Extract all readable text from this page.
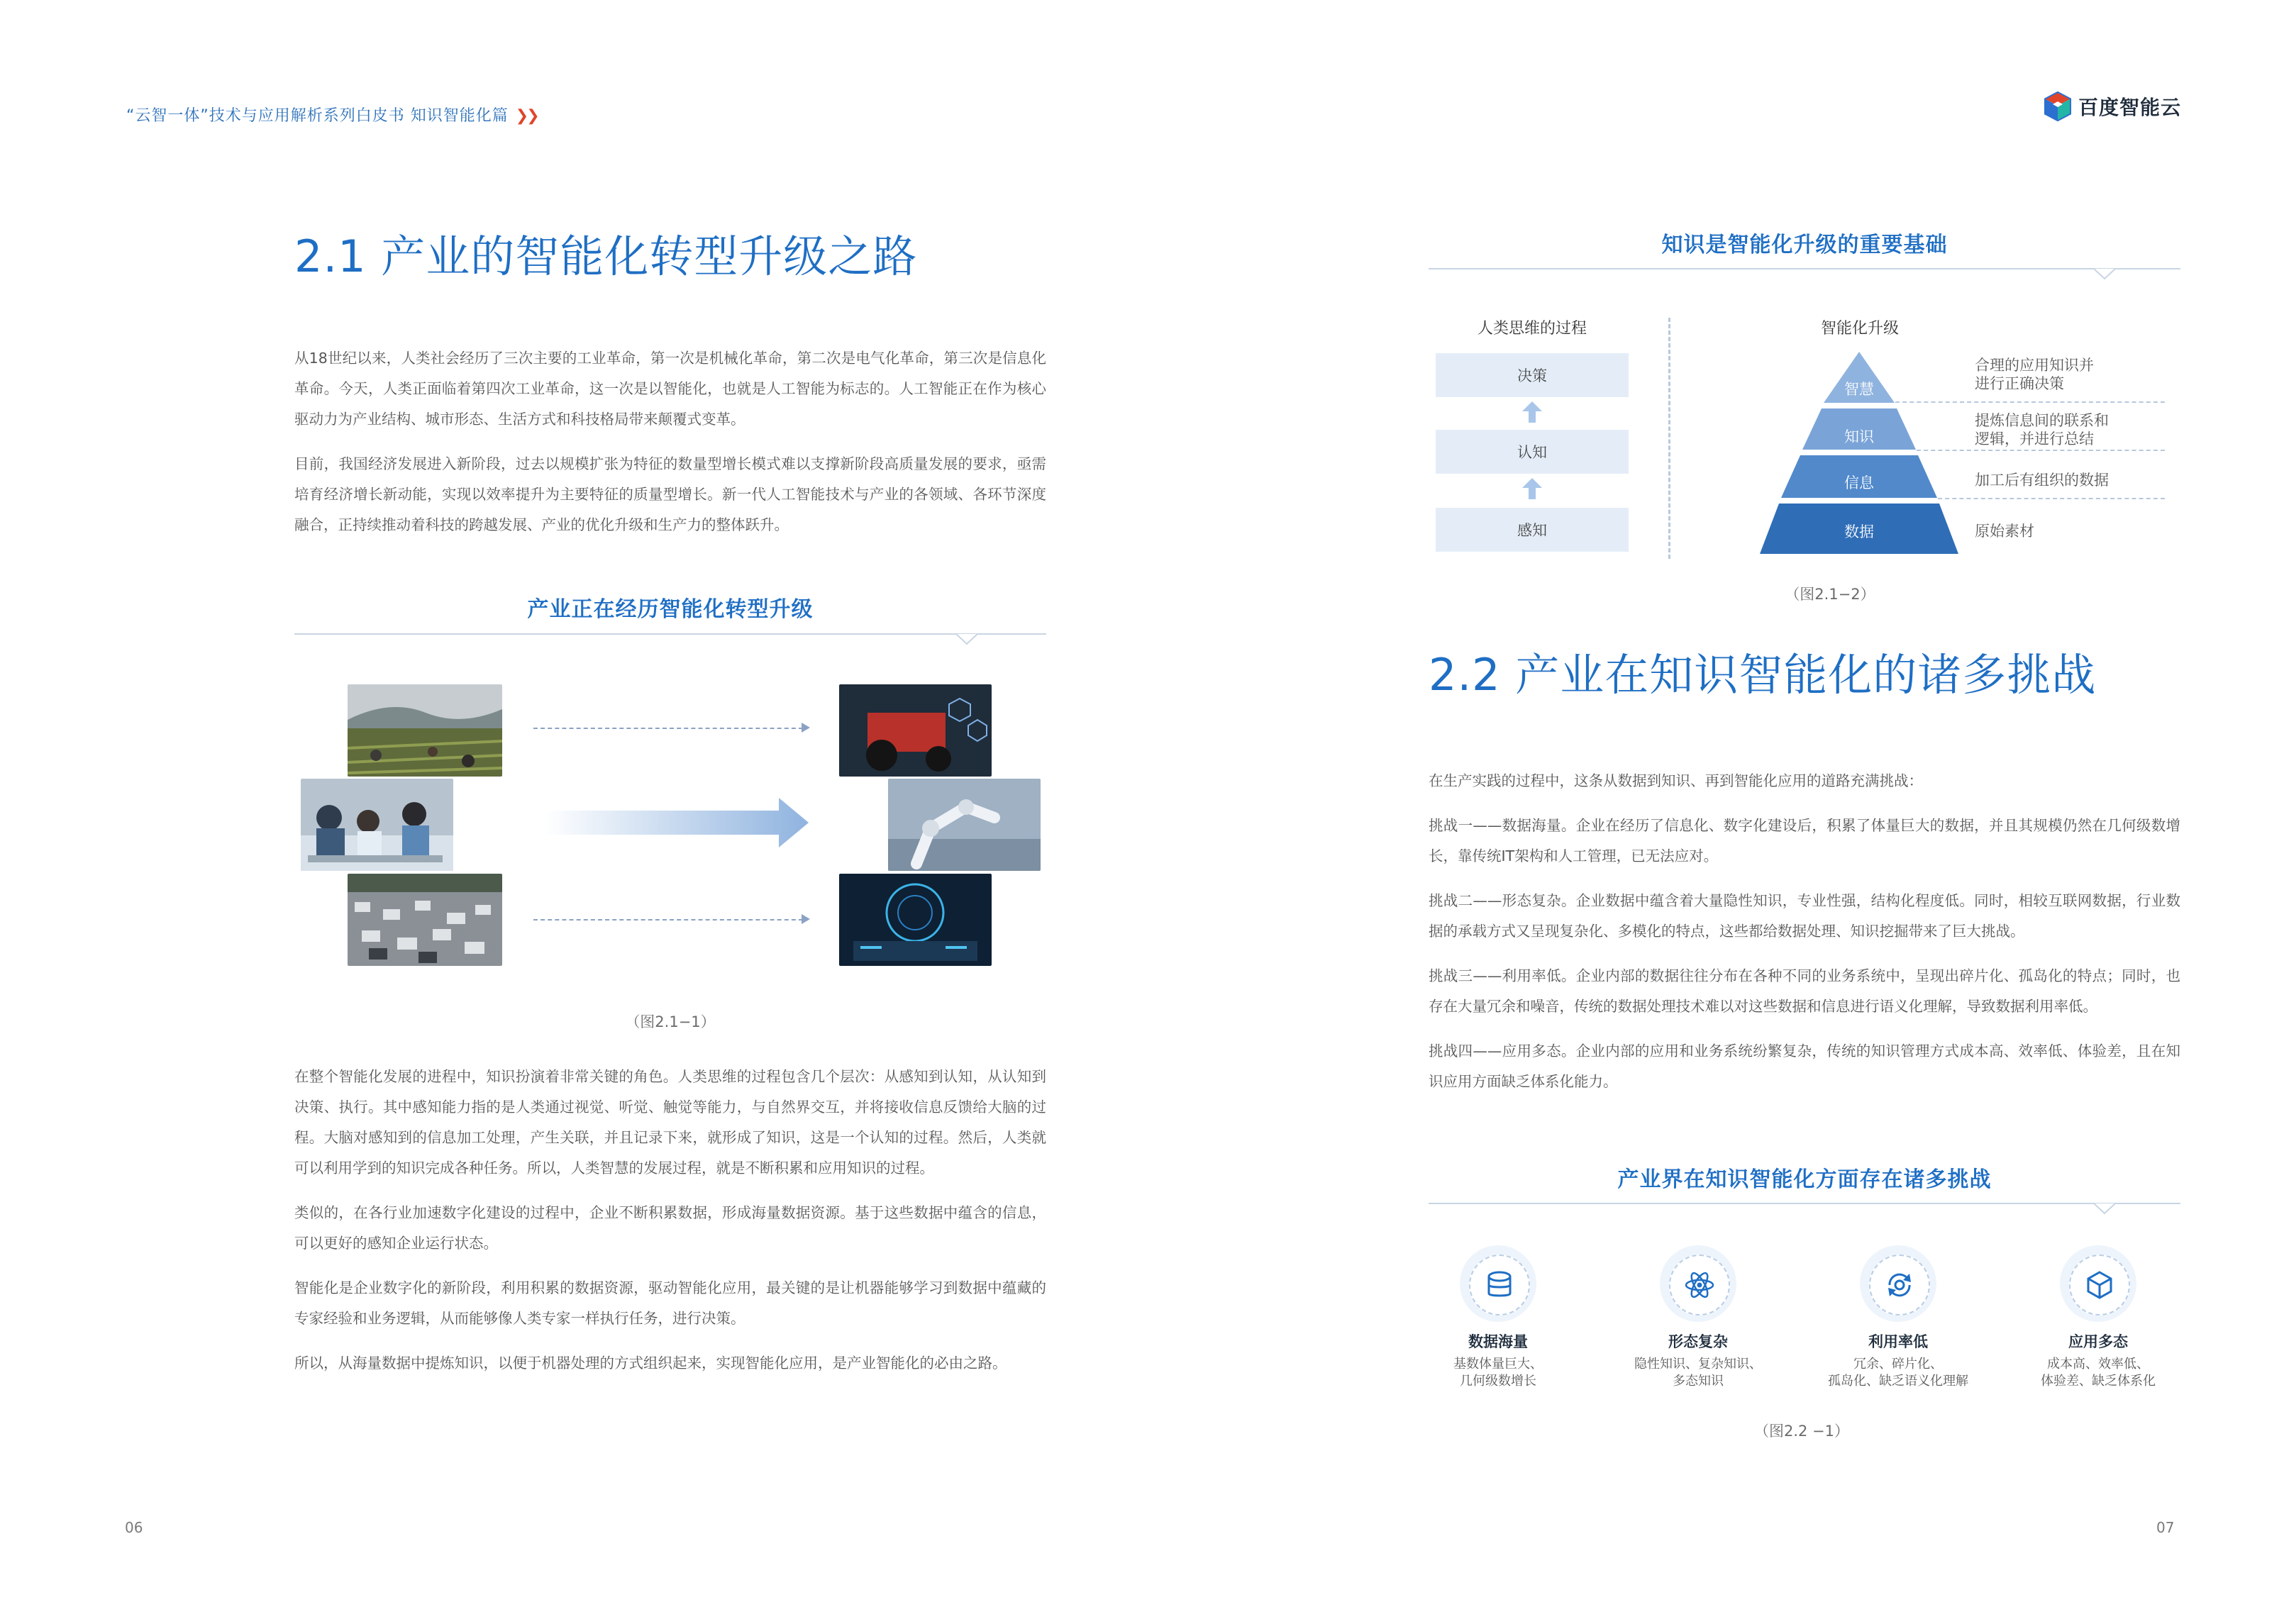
“云智一体”技术与应用解析系列白皮书 知识智能化篇 ❯❯	百度智能云
2.1 产业的智能化转型升级之路

从18世纪以来，人类社会经历了三次主要的工业革命，第一次是机械化革命，第二次是电气化革命，第三次是信息化革命。今天，人类正面临着第四次工业革命，这一次是以智能化，也就是人工智能为标志的。人工智能正在作为核心驱动力为产业结构、城市形态、生活方式和科技格局带来颠覆式变革。

目前，我国经济发展进入新阶段，过去以规模扩张为特征的数量型增长模式难以支撑新阶段高质量发展的要求，亟需培育经济增长新动能，实现以效率提升为主要特征的质量型增长。新一代人工智能技术与产业的各领域、各环节深度融合，正持续推动着科技的跨越发展、产业的优化升级和生产力的整体跃升。

产业正在经历智能化转型升级
（图2.1−1）

在整个智能化发展的进程中，知识扮演着非常关键的角色。人类思维的过程包含几个层次：从感知到认知，从认知到决策、执行。其中感知能力指的是人类通过视觉、听觉、触觉等能力，与自然界交互，并将接收信息反馈给大脑的过程。大脑对感知到的信息加工处理，产生关联，并且记录下来，就形成了知识，这是一个认知的过程。然后，人类就可以利用学到的知识完成各种任务。所以，人类智慧的发展过程，就是不断积累和应用知识的过程。

类似的，在各行业加速数字化建设的过程中，企业不断积累数据，形成海量数据资源。基于这些数据中蕴含的信息，可以更好的感知企业运行状态。

智能化是企业数字化的新阶段，利用积累的数据资源，驱动智能化应用，最关键的是让机器能够学习到数据中蕴藏的专家经验和业务逻辑，从而能够像人类专家一样执行任务，进行决策。

所以，从海量数据中提炼知识，以便于机器处理的方式组织起来，实现智能化应用，是产业智能化的必由之路。

06
知识是智能化升级的重要基础
人类思维的过程
决策
认知
感知
智能化升级
智慧
知识
信息
数据
合理的应用知识并
进行正确决策
提炼信息间的联系和
逻辑，并进行总结
加工后有组织的数据
原始素材
（图2.1−2）
2.2 产业在知识智能化的诸多挑战

在生产实践的过程中，这条从数据到知识、再到智能化应用的道路充满挑战：

挑战一——数据海量。企业在经历了信息化、数字化建设后，积累了体量巨大的数据，并且其规模仍然在几何级数增长，靠传统IT架构和人工管理，已无法应对。

挑战二——形态复杂。企业数据中蕴含着大量隐性知识，专业性强，结构化程度低。同时，相较互联网数据，行业数据的承载方式又呈现复杂化、多模化的特点，这些都给数据处理、知识挖掘带来了巨大挑战。

挑战三——利用率低。企业内部的数据往往分布在各种不同的业务系统中，呈现出碎片化、孤岛化的特点；同时，也存在大量冗余和噪音，传统的数据处理技术难以对这些数据和信息进行语义化理解，导致数据利用率低。

挑战四——应用多态。企业内部的应用和业务系统纷繁复杂，传统的知识管理方式成本高、效率低、体验差，且在知识应用方面缺乏体系化能力。

产业界在知识智能化方面存在诸多挑战
数据海量	形态复杂	利用率低	应用多态
基数体量巨大、
几何级数增长
隐性知识、复杂知识、
多态知识
冗余、碎片化、
孤岛化、缺乏语义化理解
成本高、效率低、
体验差、缺乏体系化
（图2.2 −1）
07
